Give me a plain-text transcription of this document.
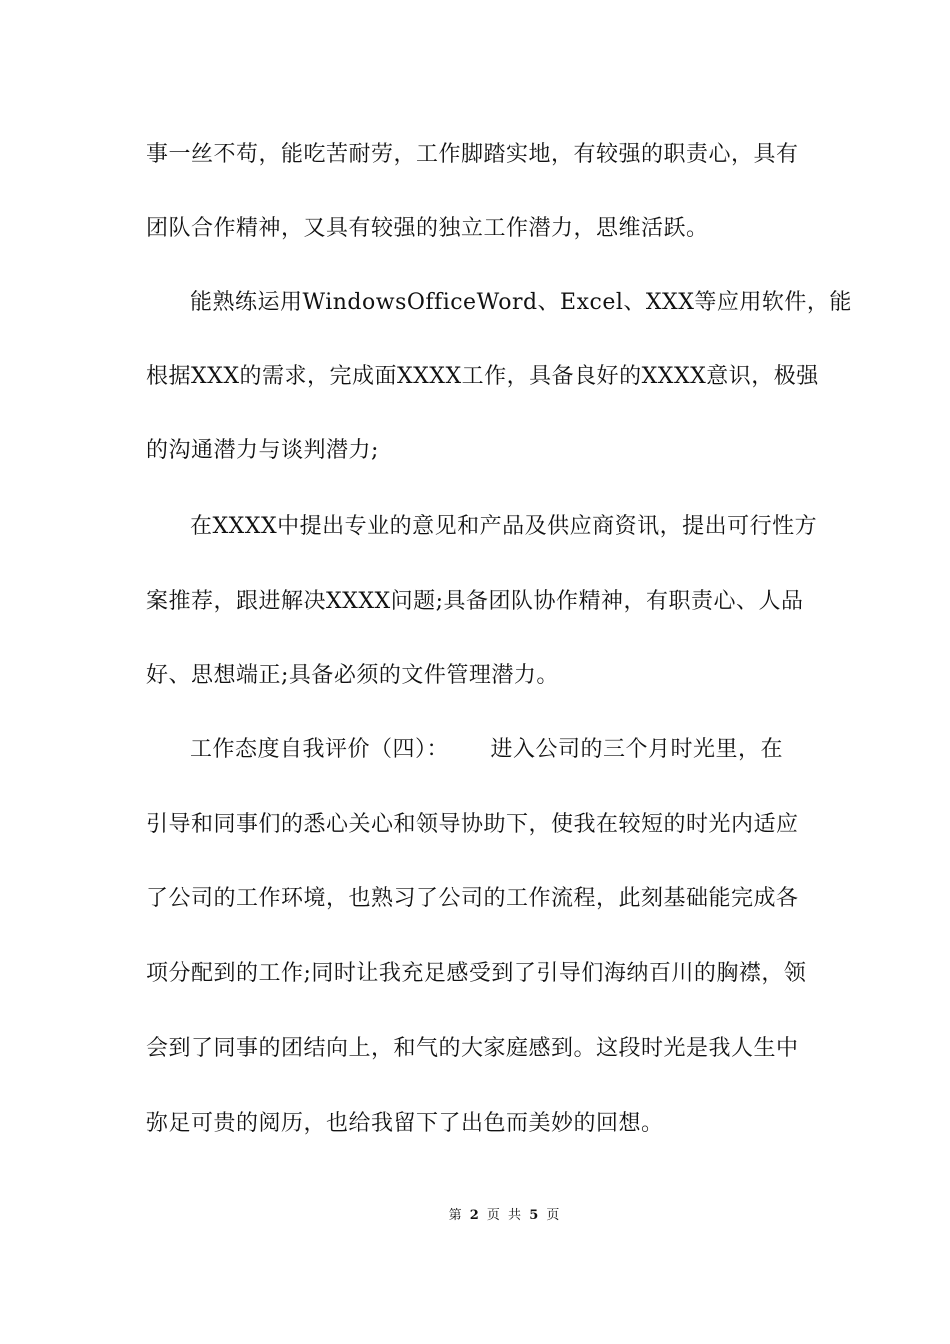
事一丝不苟，能吃苦耐劳，工作脚踏实地，有较强的职责心，具有
团队合作精神，又具有较强的独立工作潜力，思维活跃。
能熟练运用WindowsOfficeWord、Excel、XXX等应用软件，能
根据XXX的需求，完成面XXXX工作，具备良好的XXXX意识，极强
的沟通潜力与谈判潜力;
在XXXX中提出专业的意见和产品及供应商资讯，提出可行性方
案推荐，跟进解决XXXX问题;具备团队协作精神，有职责心、人品
好、思想端正;具备必须的文件管理潜力。
工作态度自我评价（四）：　　 进入公司的三个月时光里，在
引导和同事们的悉心关心和领导协助下，使我在较短的时光内适应
了公司的工作环境，也熟习了公司的工作流程，此刻基础能完成各
项分配到的工作;同时让我充足感受到了引导们海纳百川的胸襟，领
会到了同事的团结向上，和气的大家庭感到。这段时光是我人生中
弥足可贵的阅历，也给我留下了出色而美妙的回想。
第 2 页 共 5 页
